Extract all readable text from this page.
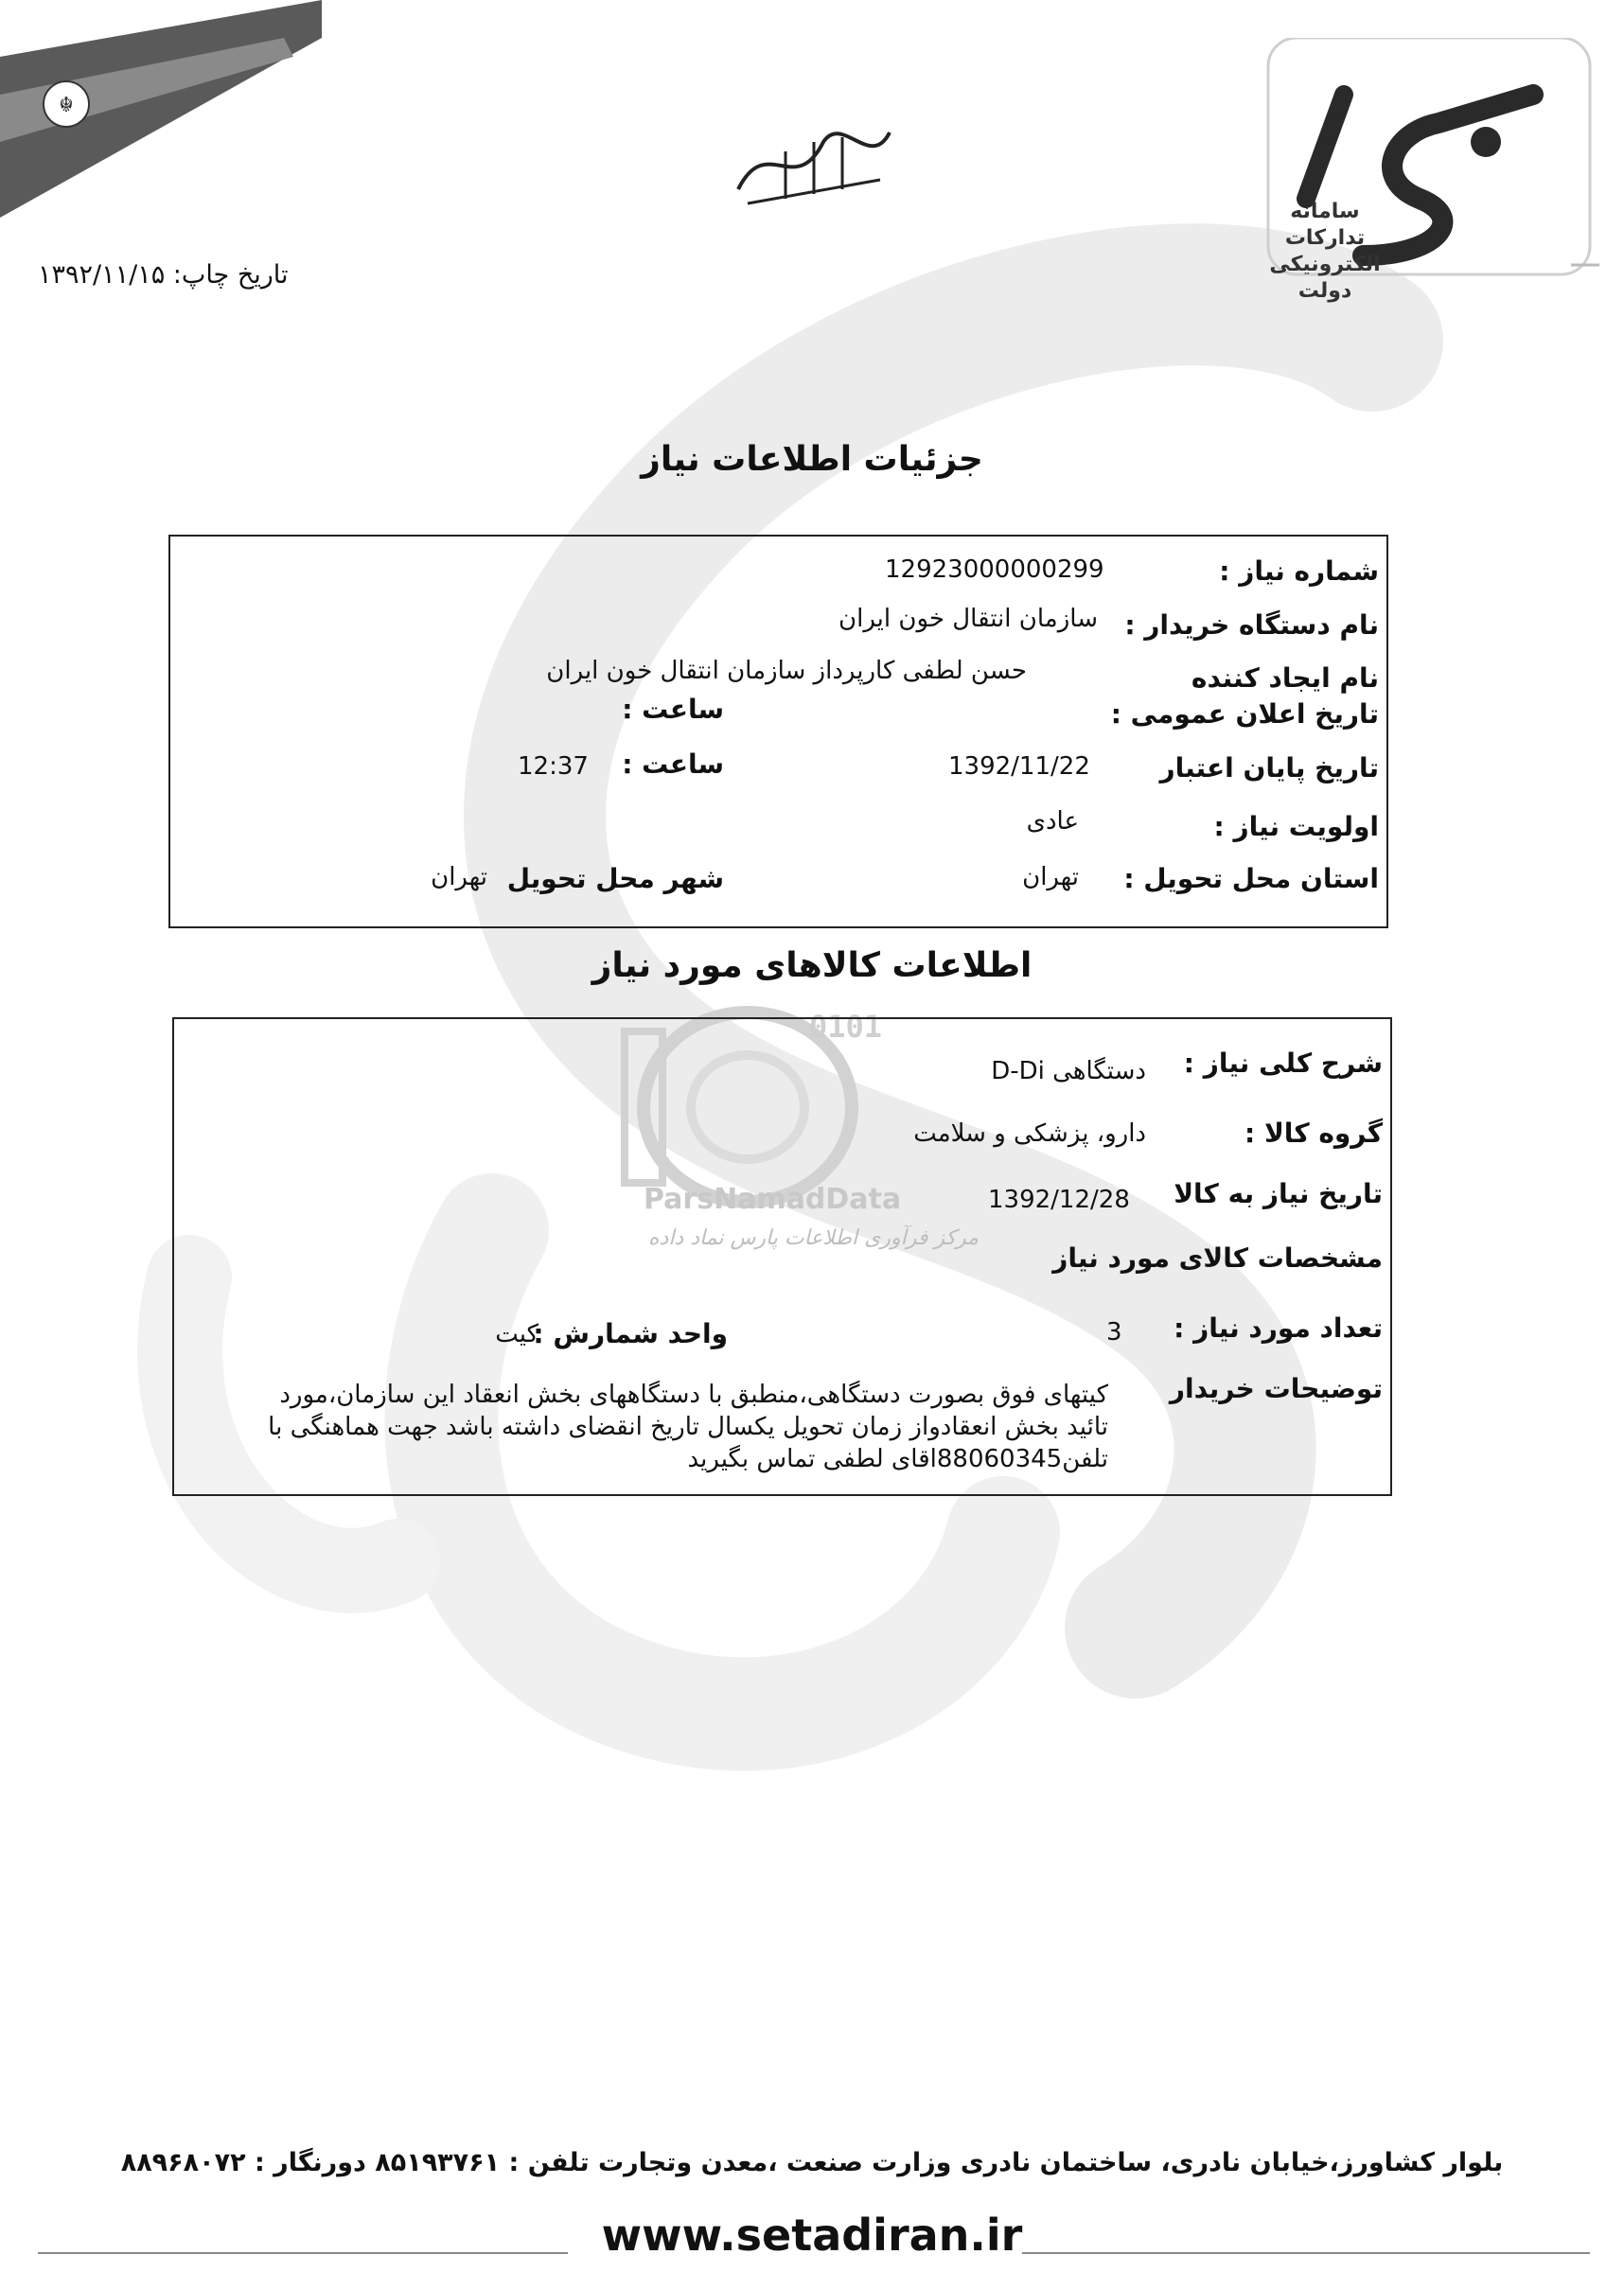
☬
سامانه تدارکات الکترونیکی دولت
تاریخ چاپ: ۱۳۹۲/۱۱/۱۵
جزئیات اطلاعات نیاز
شماره نیاز :
12923000000299
نام دستگاه خریدار :
سازمان انتقال خون ایران
نام ایجاد کننده
حسن لطفی کارپرداز سازمان انتقال خون ایران
تاریخ اعلان عمومی :
ساعت :
تاریخ پایان اعتبار
1392/11/22
ساعت :
12:37
اولویت نیاز :
عادی
استان محل تحویل :
تهران
شهر محل تحویل
تهران
اطلاعات کالاهای مورد نیاز
0101
ParsNamadData
مرکز فرآوری اطلاعات پارس نماد داده
شرح کلی نیاز :
دستگاهی D-Di
گروه کالا :
دارو، پزشکی و سلامت
تاریخ نیاز به کالا
1392/12/28
مشخصات کالای مورد نیاز
تعداد مورد نیاز :
3
واحد شمارش :
کیت
توضیحات خریدار
کیتهای فوق بصورت دستگاهی،منطبق با دستگاههای بخش انعقاد این سازمان،مورد
تائید بخش انعقادواز زمان تحویل یکسال تاریخ انقضای داشته باشد جهت هماهنگی با
تلفن88060345اقای لطفی تماس بگیرید
بلوار کشاورز،خیابان نادری، ساختمان نادری وزارت صنعت ،معدن وتجارت تلفن : ۸۵۱۹۳۷۶۱ دورنگار : ۸۸۹۶۸۰۷۲
www.setadiran.ir
